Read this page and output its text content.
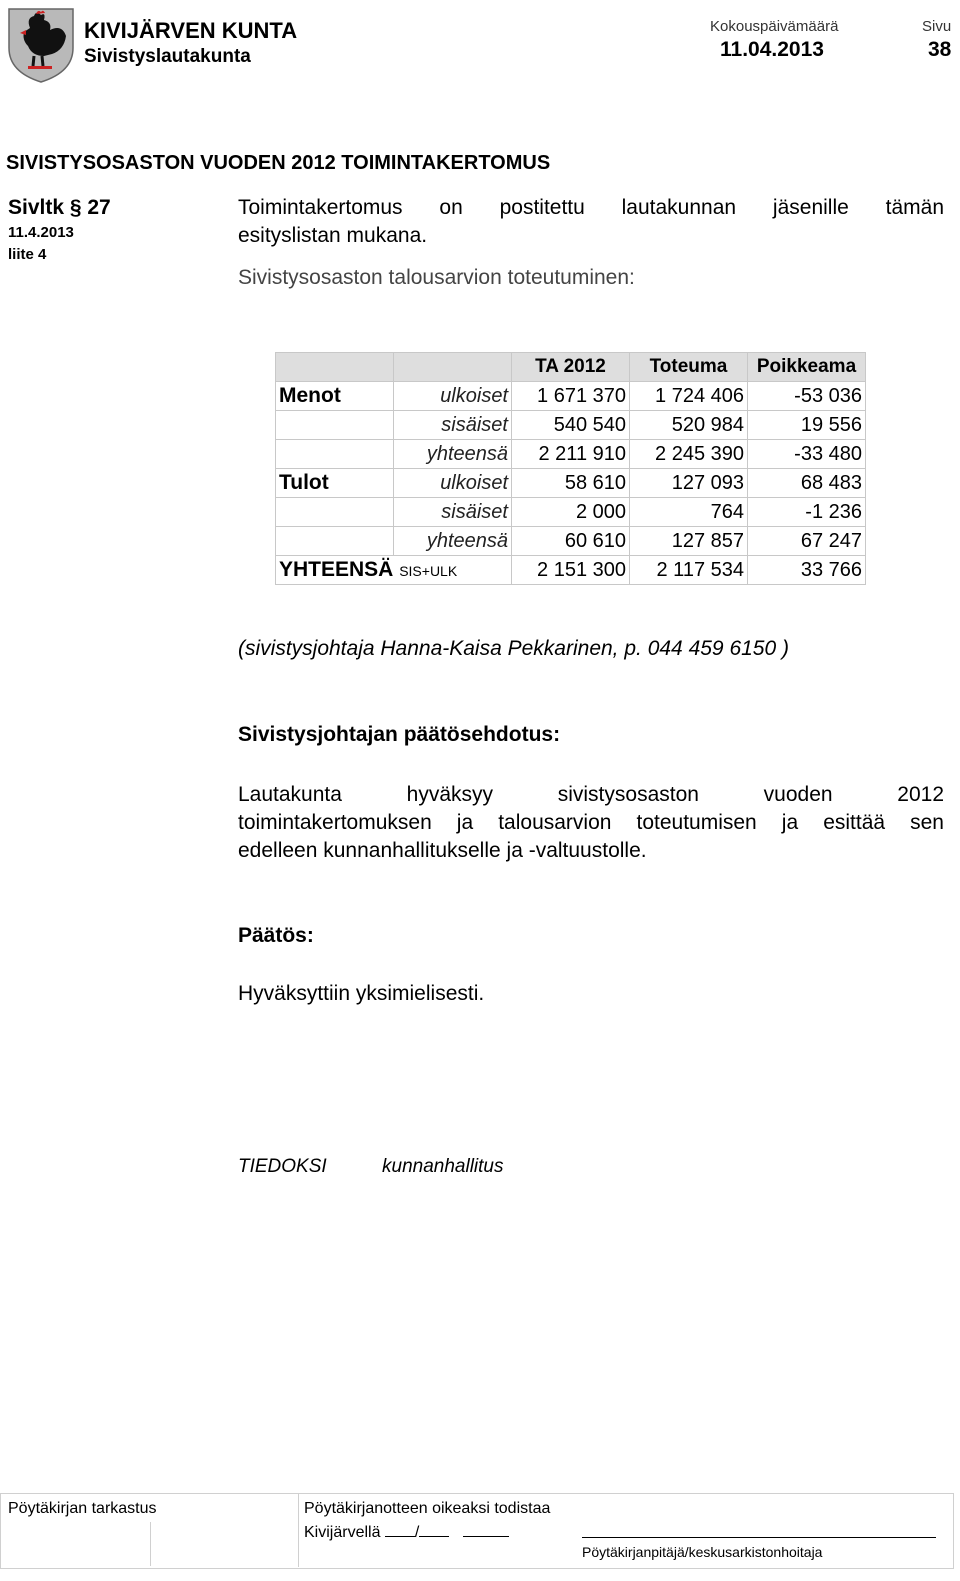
KIVIJÄRVEN KUNTA
Sivistyslautakunta
Kokouspäivämäärä	Sivu
11.04.2013	38
SIVISTYSOSASTON VUODEN 2012 TOIMINTAKERTOMUS
Sivltk § 27
11.4.2013
liite 4
Toimintakertomus on postitettu lautakunnan jäsenille tämän
esityslistan mukana.
Sivistysosaston talousarvion toteutuminen:
		TA 2012	Toteuma	Poikkeama
Menot	ulkoiset	1 671 370	1 724 406	-53 036
	sisäiset	540 540	520 984	19 556
	yhteensä	2 211 910	2 245 390	-33 480
Tulot	ulkoiset	58 610	127 093	68 483
	sisäiset	2 000	764	-1 236
	yhteensä	60 610	127 857	67 247
YHTEENSÄ SIS+ULK		2 151 300	2 117 534	33 766
(sivistysjohtaja Hanna-Kaisa Pekkarinen, p. 044 459 6150 )
Sivistysjohtajan päätösehdotus:
Lautakunta hyväksyy sivistysosaston vuoden 2012
toimintakertomuksen ja talousarvion toteutumisen ja esittää sen
edelleen kunnanhallitukselle ja -valtuustolle.
Päätös:
Hyväksyttiin yksimielisesti.
TIEDOKSI	kunnanhallitus
Pöytäkirjan tarkastus	Pöytäkirjanotteen oikeaksi todistaa
Kivijärvellä /
Pöytäkirjanpitäjä/keskusarkistonhoitaja
